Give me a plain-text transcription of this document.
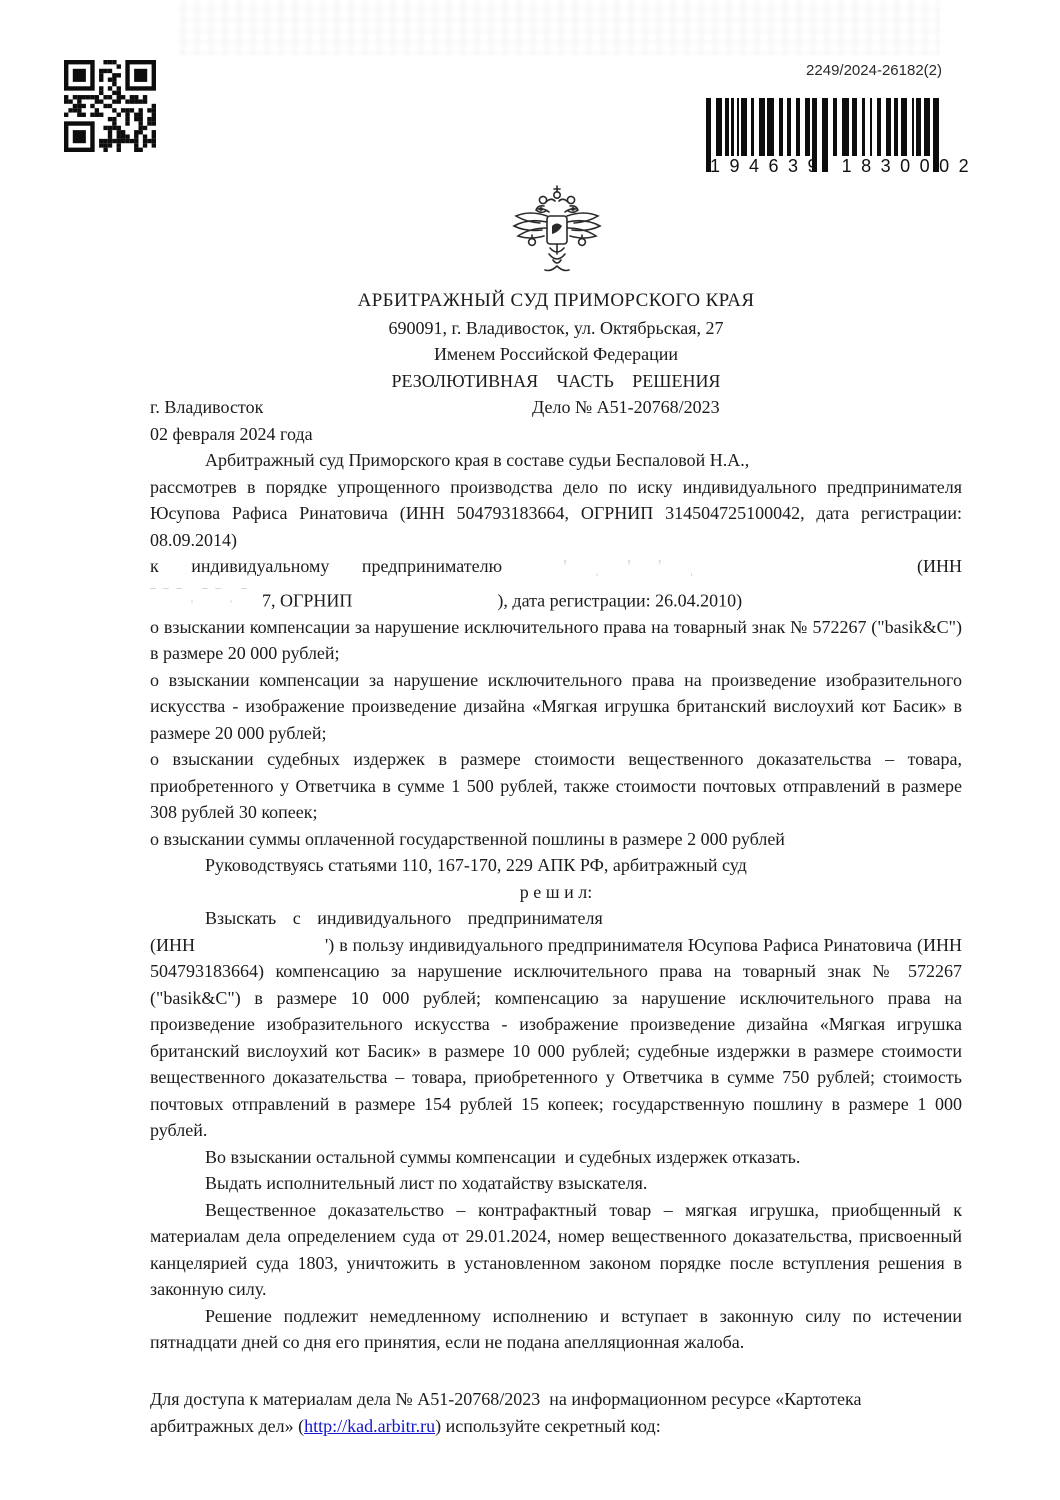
2249/2024-26182(2)
194639 1830002
АРБИТРАЖНЫЙ СУД ПРИМОРСКОГО КРАЯ
690091, г. Владивосток, ул. Октябрьская, 27
Именем Российской Федерации
РЕЗОЛЮТИВНАЯ ЧАСТЬ РЕШЕНИЯ
г. Владивосток	Дело № А51-20768/2023
02 февраля 2024 года

Арбитражный суд Приморского края в составе судьи Беспаловой Н.А.,

рассмотрев в порядке упрощенного производства дело по иску индивидуального предпринимателя Юсупова Рафиса Ринатовича (ИНН 504793183664, ОГРНИП 314504725100042, дата регистрации: 08.09.2014)

к индивидуальному предпринимателю ’ˌ’’ˌ	(ИНН
ˉˉˉˌˉˉˌˉ7, ОГРНИП	), дата регистрации: 26.04.2010)

о взыскании компенсации за нарушение исключительного права на товарный знак № 572267 ("basik&C") в размере 20 000 рублей;

о взыскании компенсации за нарушение исключительного права на произведение изобразительного искусства - изображение произведение дизайна «Мягкая игрушка британский вислоухий кот Басик» в размере 20 000 рублей;

о взыскании судебных издержек в размере стоимости вещественного доказательства – товара, приобретенного у Ответчика в сумме 1 500 рублей, также стоимости почтовых отправлений в размере 308 рублей 30 копеек;

о взыскании суммы оплаченной государственной пошлины в размере 2 000 рублей

Руководствуясь статьями 110, 167-170, 229 АПК РФ, арбитражный суд

р е ш и л:

Взыскать с индивидуального предпринимателя

(ИНН	') в пользу индивидуального предпринимателя Юсупова Рафиса Ринатовича (ИНН 504793183664) компенсацию за нарушение исключительного права на товарный знак № 572267 ("basik&C") в размере 10 000 рублей; компенсацию за нарушение исключительного права на произведение изобразительного искусства - изображение произведение дизайна «Мягкая игрушка британский вислоухий кот Басик» в размере 10 000 рублей; судебные издержки в размере стоимости вещественного доказательства – товара, приобретенного у Ответчика в сумме 750 рублей; стоимость почтовых отправлений в размере 154 рублей 15 копеек; государственную пошлину в размере 1 000 рублей.

Во взыскании остальной суммы компенсации  и судебных издержек отказать.

Выдать исполнительный лист по ходатайству взыскателя.

Вещественное доказательство – контрафактный товар – мягкая игрушка, приобщенный к материалам дела определением суда от 29.01.2024, номер вещественного доказательства, присвоенный канцелярией суда 1803, уничтожить в установленном законом порядке после вступления решения в законную силу.

Решение подлежит немедленному исполнению и вступает в законную силу по истечении пятнадцати дней со дня его принятия, если не подана апелляционная жалоба.

Для доступа к материалам дела № А51-20768/2023  на информационном ресурсе «Картотека арбитражных дел» (http://kad.arbitr.ru) используйте секретный код:
